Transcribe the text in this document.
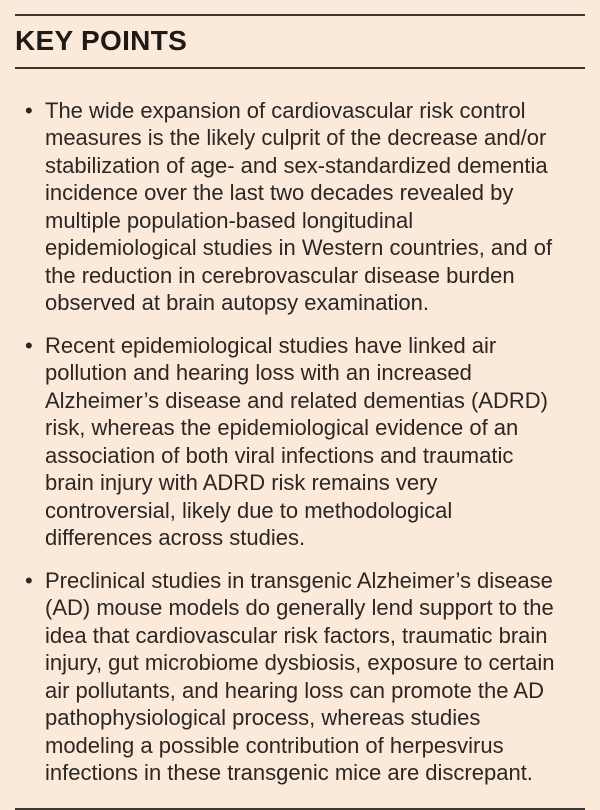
KEY POINTS
• The wide expansion of cardiovascular risk control measures is the likely culprit of the decrease and/or stabilization of age- and sex-standardized dementia incidence over the last two decades revealed by multiple population-based longitudinal epidemiological studies in Western countries, and of the reduction in cerebrovascular disease burden observed at brain autopsy examination.
• Recent epidemiological studies have linked air pollution and hearing loss with an increased Alzheimer’s disease and related dementias (ADRD) risk, whereas the epidemiological evidence of an association of both viral infections and traumatic brain injury with ADRD risk remains very controversial, likely due to methodological differences across studies.
• Preclinical studies in transgenic Alzheimer’s disease (AD) mouse models do generally lend support to the idea that cardiovascular risk factors, traumatic brain injury, gut microbiome dysbiosis, exposure to certain air pollutants, and hearing loss can promote the AD pathophysiological process, whereas studies modeling a possible contribution of herpesvirus infections in these transgenic mice are discrepant.
